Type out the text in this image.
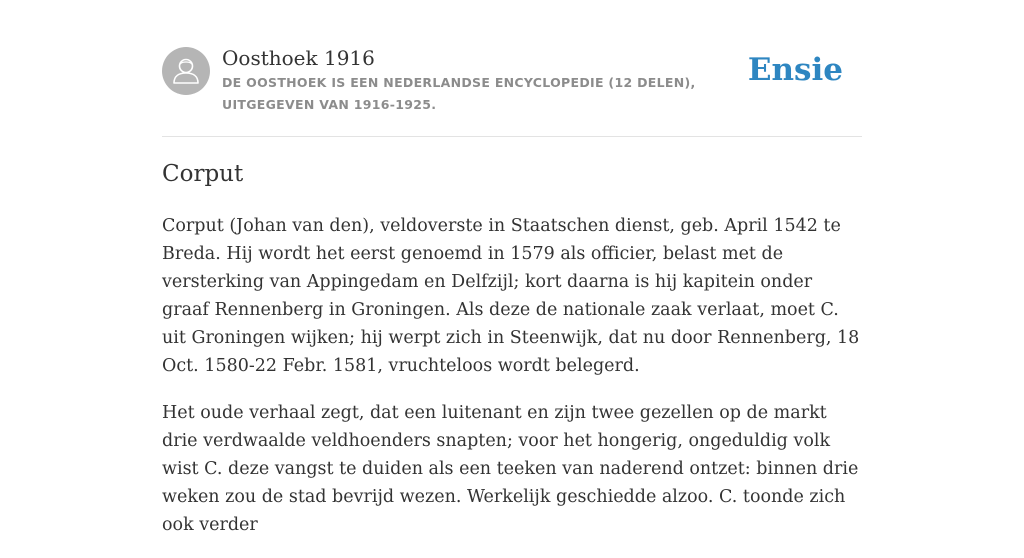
Oosthoek 1916
DE OOSTHOEK IS EEN NEDERLANDSE ENCYCLOPEDIE (12 DELEN), UITGEGEVEN VAN 1916-1925.
Ensie
Corput

Corput (Johan van den), veldoverste in Staatschen dienst, geb. April 1542 te Breda. Hij wordt het eerst genoemd in 1579 als officier, belast met de versterking van Appingedam en Delfzijl; kort daarna is hij kapitein onder graaf Rennenberg in Groningen. Als deze de nationale zaak verlaat, moet C. uit Groningen wijken; hij werpt zich in Steenwijk, dat nu door Rennenberg, 18 Oct. 1580-22 Febr. 1581, vruchteloos wordt belegerd.

Het oude verhaal zegt, dat een luitenant en zijn twee gezellen op de markt drie verdwaalde veldhoenders snapten; voor het hongerig, ongeduldig volk wist C. deze vangst te duiden als een teeken van naderend ontzet: binnen drie weken zou de stad bevrijd wezen. Werkelijk geschiedde alzoo. C. toonde zich ook verder
